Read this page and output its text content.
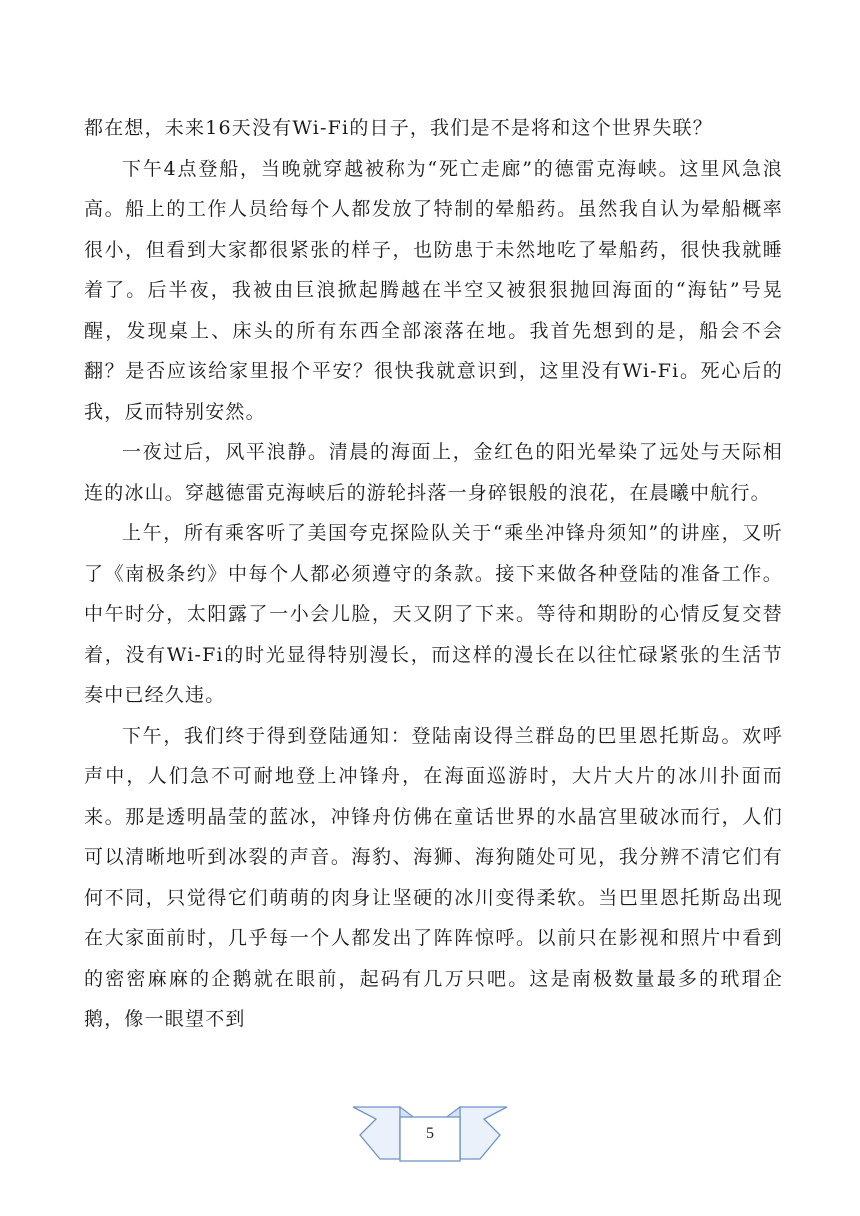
都在想，未来16天没有Wi-Fi的日子，我们是不是将和这个世界失联？

下午4点登船，当晚就穿越被称为“死亡走廊”的德雷克海峡。这里风急浪高。船上的工作人员给每个人都发放了特制的晕船药。虽然我自认为晕船概率很小，但看到大家都很紧张的样子，也防患于未然地吃了晕船药，很快我就睡着了。后半夜，我被由巨浪掀起腾越在半空又被狠狠抛回海面的“海钻”号晃醒，发现桌上、床头的所有东西全部滚落在地。我首先想到的是，船会不会翻？是否应该给家里报个平安？很快我就意识到，这里没有Wi-Fi。死心后的我，反而特别安然。

一夜过后，风平浪静。清晨的海面上，金红色的阳光晕染了远处与天际相连的冰山。穿越德雷克海峡后的游轮抖落一身碎银般的浪花，在晨曦中航行。

上午，所有乘客听了美国夸克探险队关于“乘坐冲锋舟须知”的讲座，又听了《南极条约》中每个人都必须遵守的条款。接下来做各种登陆的准备工作。中午时分，太阳露了一小会儿脸，天又阴了下来。等待和期盼的心情反复交替着，没有Wi-Fi的时光显得特别漫长，而这样的漫长在以往忙碌紧张的生活节奏中已经久违。

下午，我们终于得到登陆通知：登陆南设得兰群岛的巴里恩托斯岛。欢呼声中，人们急不可耐地登上冲锋舟，在海面巡游时，大片大片的冰川扑面而来。那是透明晶莹的蓝冰，冲锋舟仿佛在童话世界的水晶宫里破冰而行，人们可以清晰地听到冰裂的声音。海豹、海狮、海狗随处可见，我分辨不清它们有何不同，只觉得它们萌萌的肉身让坚硬的冰川变得柔软。当巴里恩托斯岛出现在大家面前时，几乎每一个人都发出了阵阵惊呼。以前只在影视和照片中看到的密密麻麻的企鹅就在眼前，起码有几万只吧。这是南极数量最多的玳瑁企鹅，像一眼望不到

5
